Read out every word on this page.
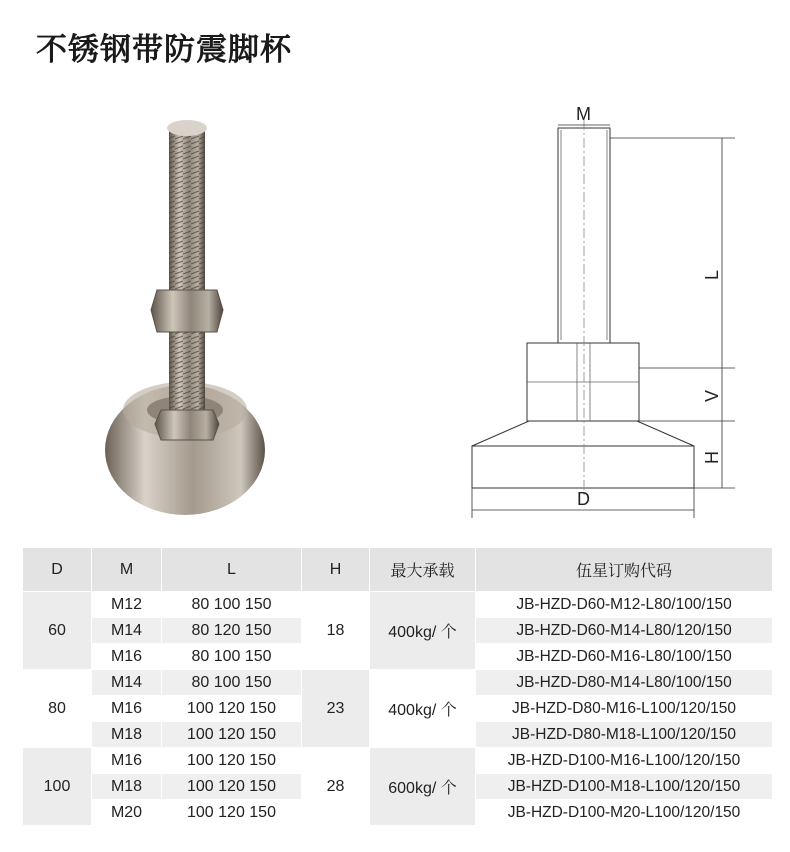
不锈钢带防震脚杯
M
L
V
H
D
D	M	L	H	最大承载	伍星订购代码
60	M12	80 100 150	18	400kg/ 个	JB-HZD-D60-M12-L80/100/150
	M14	80 120 150			JB-HZD-D60-M14-L80/120/150
	M16	80 100 150			JB-HZD-D60-M16-L80/100/150
80	M14	80 100 150	23	400kg/ 个	JB-HZD-D80-M14-L80/100/150
	M16	100 120 150			JB-HZD-D80-M16-L100/120/150
	M18	100 120 150			JB-HZD-D80-M18-L100/120/150
100	M16	100 120 150	28	600kg/ 个	JB-HZD-D100-M16-L100/120/150
	M18	100 120 150			JB-HZD-D100-M18-L100/120/150
	M20	100 120 150			JB-HZD-D100-M20-L100/120/150
